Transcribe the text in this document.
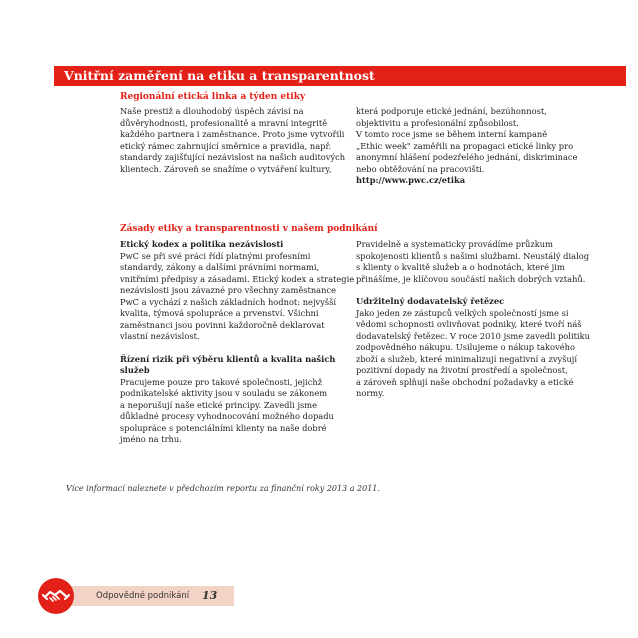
Vnitřní zaměření na etiku a transparentnost
Regionální etická linka a týden etiky

Naše prestiž a dlouhodobý úspěch závisí na

důvěryhodnosti, profesionalitě a mravní integritě

každého partnera i zaměstnance. Proto jsme vytvořili

etický rámec zahrnující směrnice a pravidla, např.

standardy zajišťující nezávislost na našich auditových

klientech. Zároveň se snažíme o vytváření kultury,

která podporuje etické jednání, bezúhonnost,

objektivitu a profesionální způsobilost.

V tomto roce jsme se během interní kampaně

„Ethic week" zaměřili na propagaci etické linky pro

anonymní hlášení podezřelého jednání, diskriminace

nebo obtěžování na pracovišti.

http://www.pwc.cz/etika

Zásady etiky a transparentnosti v našem podnikání

Etický kodex a politika nezávislosti

PwC se při své práci řídí platnými profesními

standardy, zákony a dalšími právními normami,

vnitřními předpisy a zásadami. Etický kodex a strategie

nezávislosti jsou závazné pro všechny zaměstnance

PwC a vychází z našich základních hodnot: nejvyšší

kvalita, týmová spolupráce a prvenství. Všichni

zaměstnanci jsou povinni každoročně deklarovat

vlastní nezávislost.

Řízení rizik při výběru klientů a kvalita našich

služeb

Pracujeme pouze pro takové společnosti, jejichž

podnikatelské aktivity jsou v souladu se zákonem

a neporušují naše etické principy. Zavedli jsme

důkladné procesy vyhodnocování možného dopadu

spolupráce s potenciálními klienty na naše dobré

jméno na trhu.

Pravidelně a systematicky provádíme průzkum

spokojenosti klientů s našimi službami. Neustálý dialog

s klienty o kvalitě služeb a o hodnotách, které jim

přinášíme, je klíčovou součástí našich dobrých vztahů.

Udržitelný dodavatelský řetězec

Jako jeden ze zástupců velkých společností jsme si

vědomi schopnosti ovlivňovat podniky, které tvoří náš

dodavatelský řetězec. V roce 2010 jsme zavedli politiku

zodpovědného nákupu. Usilujeme o nákup takového

zboží a služeb, které minimalizují negativní a zvyšují

pozitivní dopady na životní prostředí a společnost,

a zároveň splňují naše obchodní požadavky a etické

normy.

Více informací naleznete v předchozím reportu za finanční roky 2013 a 2011.
Odpovědné podnikání 13
